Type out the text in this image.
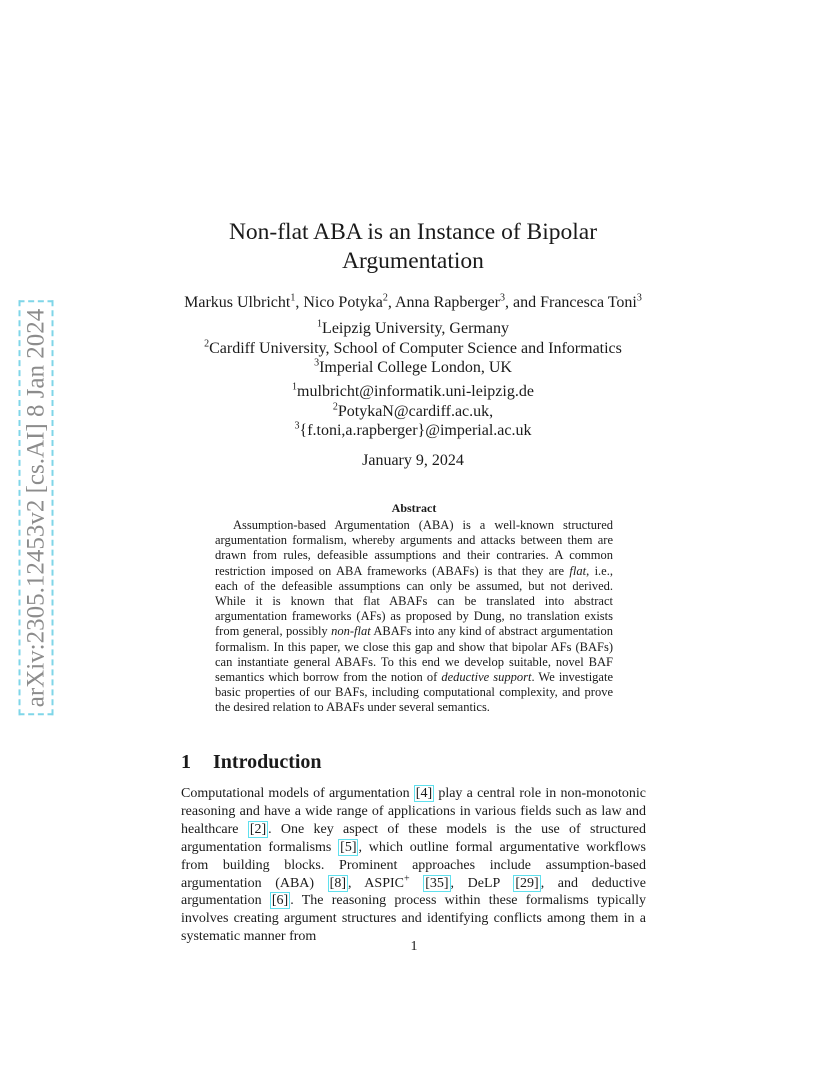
arXiv:2305.12453v2 [cs.AI] 8 Jan 2024
Non-flat ABA is an Instance of Bipolar Argumentation
Markus Ulbricht$^1$, Nico Potyka$^2$, Anna Rapberger$^3$, and Francesca Toni$^3$
$^1$Leipzig University, Germany
$^2$Cardiff University, School of Computer Science and Informatics
$^3$Imperial College London, UK
$^1$mulbricht@informatik.uni-leipzig.de
$^2$PotykaN@cardiff.ac.uk,
$^3${f.toni,a.rapberger}@imperial.ac.uk
January 9, 2024
Abstract

Assumption-based Argumentation (ABA) is a well-known structured argumentation formalism, whereby arguments and attacks between them are drawn from rules, defeasible assumptions and their contraries. A common restriction imposed on ABA frameworks (ABAFs) is that they are flat, i.e., each of the defeasible assumptions can only be assumed, but not derived. While it is known that flat ABAFs can be translated into abstract argumentation frameworks (AFs) as proposed by Dung, no translation exists from general, possibly non-flat ABAFs into any kind of abstract argumentation formalism. In this paper, we close this gap and show that bipolar AFs (BAFs) can instantiate general ABAFs. To this end we develop suitable, novel BAF semantics which borrow from the notion of deductive support. We investigate basic properties of our BAFs, including computational complexity, and prove the desired relation to ABAFs under several semantics.

1 Introduction

Computational models of argumentation [4] play a central role in non-monotonic reasoning and have a wide range of applications in various fields such as law and healthcare [2] . One key aspect of these models is the use of structured argumentation formalisms [5] , which outline formal argumentative workflows from building blocks. Prominent approaches include assumption-based argumentation (ABA) [8] , ASPIC+ [35] , DeLP [29] , and deductive argumentation [6] . The reasoning process within these formalisms typically involves creating argument structures and identifying conflicts among them in a systematic manner from

1
